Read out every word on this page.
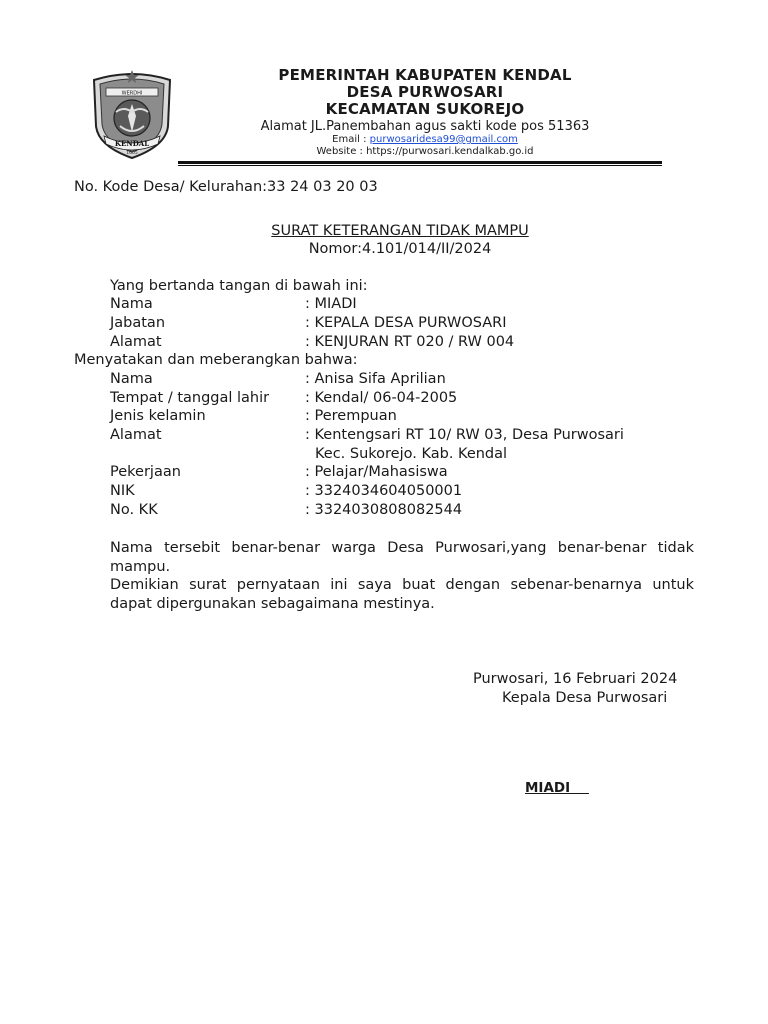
WERDHI
KENDAL
1605
PEMERINTAH KABUPATEN KENDAL
DESA PURWOSARI
KECAMATAN SUKOREJO
Alamat JL.Panembahan agus sakti kode pos 51363
Email : purwosaridesa99@gmail.com
Website : https://purwosari.kendalkab.go.id
No. Kode Desa/ Kelurahan:33 24 03 20 03
SURAT KETERANGAN TIDAK MAMPU
Nomor:4.101/014/II/2024
Yang bertanda tangan di bawah ini:
Nama	: MIADI
Jabatan	: KEPALA DESA PURWOSARI
Alamat	: KENJURAN RT 020 / RW 004
Menyatakan dan meberangkan bahwa:
Nama	: Anisa Sifa Aprilian
Tempat / tanggal lahir : Kendal/ 06-04-2005
Jenis kelamin	: Perempuan
Alamat	: Kentengsari RT 10/ RW 03, Desa Purwosari
Kec. Sukorejo. Kab. Kendal
Pekerjaan	: Pelajar/Mahasiswa
NIK	: 3324034604050001
No. KK	: 3324030808082544
Nama tersebit benar-benar warga Desa Purwosari,yang benar-benar tidak mampu.
Demikian surat pernyataan ini saya buat dengan sebenar-benarnya untuk dapat dipergunakan sebagaimana mestinya.
Purwosari, 16 Februari 2024
Kepala Desa Purwosari
MIADI
